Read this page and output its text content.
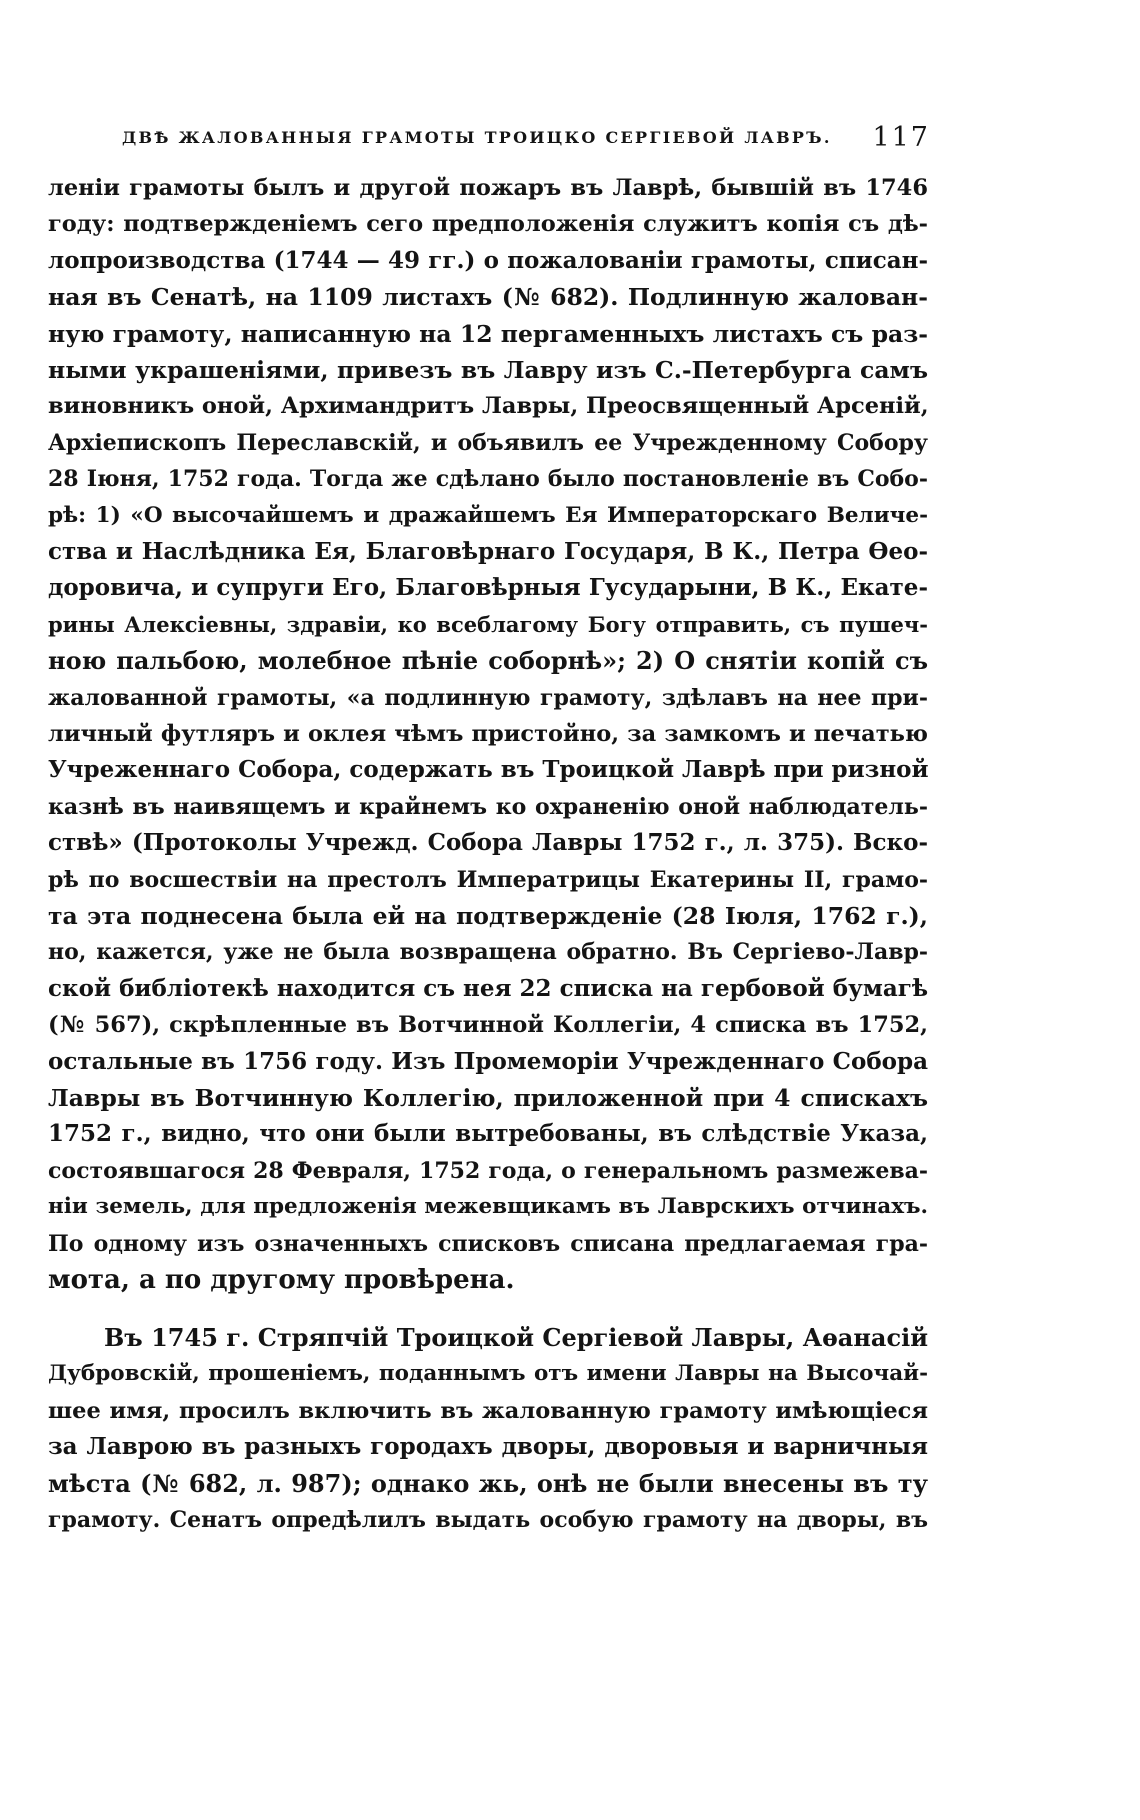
ДВѢ ЖАЛОВАННЫЯ ГРАМОТЫ ТРОИЦКО СЕРГІЕВОЙ ЛАВРЪ. 117
леніи грамоты былъ и другой пожаръ въ Лаврѣ, бывшій въ 1746
году: подтвержденіемъ сего предположенія служитъ копія съ дѣ-
лопроизводства (1744 — 49 гг.) о пожалованіи грамоты, списан-
ная въ Сенатѣ, на 1109 листахъ (№ 682). Подлинную жалован-
ную грамоту, написанную на 12 пергаменныхъ листахъ съ раз-
ными украшеніями, привезъ въ Лавру изъ С.-Петербурга самъ
виновникъ оной, Архимандритъ Лавры, Преосвященный Арсеній,
Архіепископъ Переславскій, и объявилъ ее Учрежденному Собору
28 Іюня, 1752 года. Тогда же сдѣлано было постановленіе въ Собо-
рѣ: 1) «О высочайшемъ и дражайшемъ Ея Императорскаго Величе-
ства и Наслѣдника Ея, Благовѣрнаго Государя, В К., Петра Ѳео-
доровича, и супруги Его, Благовѣрныя Гусударыни, В К., Екате-
рины Алексіевны, здравіи, ко всеблагому Богу отправить, съ пушеч-
ною пальбою, молебное пѣніе соборнѣ»; 2) О снятіи копій съ
жалованной грамоты, «а подлинную грамоту, здѣлавъ на нее при-
личный футляръ и оклея чѣмъ пристойно, за замкомъ и печатью
Учреженнаго Собора, содержать въ Троицкой Лаврѣ при ризной
казнѣ въ наивящемъ и крайнемъ ко охраненію оной наблюдатель-
ствѣ» (Протоколы Учрежд. Собора Лавры 1752 г., л. 375). Вско-
рѣ по восшествіи на престолъ Императрицы Екатерины II, грамо-
та эта поднесена была ей на подтвержденіе (28 Іюля, 1762 г.),
но, кажется, уже не была возвращена обратно. Въ Сергіево-Лавр-
ской библіотекѣ находится съ нея 22 списка на гербовой бумагѣ
(№ 567), скрѣпленные въ Вотчинной Коллегіи, 4 списка въ 1752,
остальные въ 1756 году. Изъ Промеморіи Учрежденнаго Собора
Лавры въ Вотчинную Коллегію, приложенной при 4 спискахъ
1752 г., видно, что они были вытребованы, въ слѣдствіе Указа,
состоявшагося 28 Февраля, 1752 года, о генеральномъ размежева-
ніи земель, для предложенія межевщикамъ въ Лаврскихъ отчинахъ.
По одному изъ означенныхъ списковъ списана предлагаемая гра-
мота, а по другому провѣрена.
Въ 1745 г. Стряпчій Троицкой Сергіевой Лавры, Аѳанасій
Дубровскій, прошеніемъ, поданнымъ отъ имени Лавры на Высочай-
шее имя, просилъ включить въ жалованную грамоту имѣющіеся
за Лаврою въ разныхъ городахъ дворы, дворовыя и варничныя
мѣста (№ 682, л. 987); однако жь, онѣ не были внесены въ ту
грамоту. Сенатъ опредѣлилъ выдать особую грамоту на дворы, въ
